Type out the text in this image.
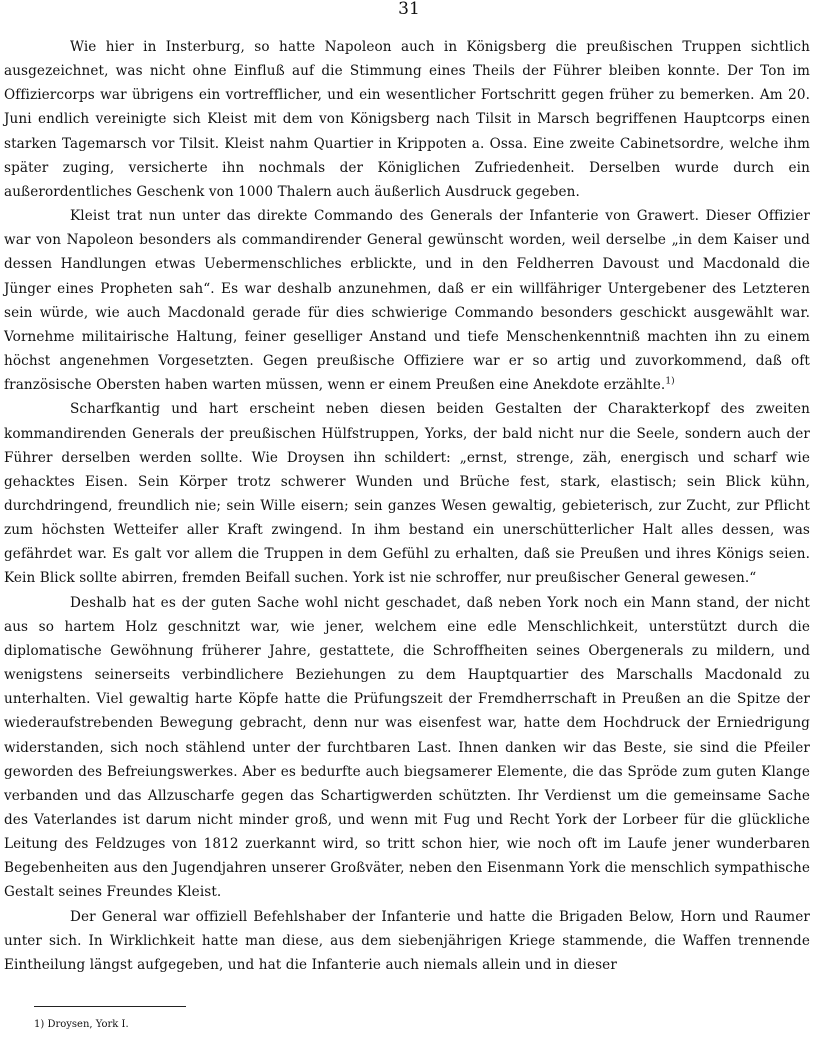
31

Wie hier in Insterburg, so hatte Napoleon auch in Königsberg die preußischen Truppen sichtlich ausgezeichnet, was nicht ohne Einfluß auf die Stimmung eines Theils der Führer bleiben konnte. Der Ton im Offiziercorps war übrigens ein vortrefflicher, und ein wesentlicher Fortschritt gegen früher zu bemerken. Am 20. Juni endlich vereinigte sich Kleist mit dem von Königsberg nach Tilsit in Marsch begriffenen Hauptcorps einen starken Tagemarsch vor Tilsit. Kleist nahm Quartier in Krippoten a. Ossa. Eine zweite Cabinetsordre, welche ihm später zuging, versicherte ihn nochmals der Königlichen Zufriedenheit. Derselben wurde durch ein außerordentliches Geschenk von 1000 Thalern auch äußerlich Ausdruck gegeben.

Kleist trat nun unter das direkte Commando des Generals der Infanterie von Grawert. Dieser Offizier war von Napoleon besonders als commandirender General gewünscht worden, weil derselbe „in dem Kaiser und dessen Handlungen etwas Uebermenschliches erblickte, und in den Feldherren Davoust und Macdonald die Jünger eines Propheten sah“. Es war deshalb anzunehmen, daß er ein willfähriger Untergebener des Letzteren sein würde, wie auch Macdonald gerade für dies schwierige Commando besonders geschickt ausgewählt war. Vornehme militairische Haltung, feiner geselliger Anstand und tiefe Menschenkenntniß machten ihn zu einem höchst angenehmen Vorgesetzten. Gegen preußische Offiziere war er so artig und zuvorkommend, daß oft französische Obersten haben warten müssen, wenn er einem Preußen eine Anekdote erzählte.$^{1)}$

Scharfkantig und hart erscheint neben diesen beiden Gestalten der Charakterkopf des zweiten kommandirenden Generals der preußischen Hülfstruppen, Yorks, der bald nicht nur die Seele, sondern auch der Führer derselben werden sollte. Wie Droysen ihn schildert: „ernst, strenge, zäh, energisch und scharf wie gehacktes Eisen. Sein Körper trotz schwerer Wunden und Brüche fest, stark, elastisch; sein Blick kühn, durchdringend, freundlich nie; sein Wille eisern; sein ganzes Wesen gewaltig, gebieterisch, zur Zucht, zur Pflicht zum höchsten Wetteifer aller Kraft zwingend. In ihm bestand ein unerschütterlicher Halt alles dessen, was gefährdet war. Es galt vor allem die Truppen in dem Gefühl zu erhalten, daß sie Preußen und ihres Königs seien. Kein Blick sollte abirren, fremden Beifall suchen. York ist nie schroffer, nur preußischer General gewesen.“

Deshalb hat es der guten Sache wohl nicht geschadet, daß neben York noch ein Mann stand, der nicht aus so hartem Holz geschnitzt war, wie jener, welchem eine edle Menschlichkeit, unterstützt durch die diplomatische Gewöhnung früherer Jahre, gestattete, die Schroffheiten seines Obergenerals zu mildern, und wenigstens seinerseits verbindlichere Beziehungen zu dem Hauptquartier des Marschalls Macdonald zu unterhalten. Viel gewaltig harte Köpfe hatte die Prüfungszeit der Fremdherrschaft in Preußen an die Spitze der wiederaufstrebenden Bewegung gebracht, denn nur was eisenfest war, hatte dem Hochdruck der Erniedrigung widerstanden, sich noch stählend unter der furchtbaren Last. Ihnen danken wir das Beste, sie sind die Pfeiler geworden des Befreiungswerkes. Aber es bedurfte auch biegsamerer Elemente, die das Spröde zum guten Klange verbanden und das Allzuscharfe gegen das Schartigwerden schützten. Ihr Verdienst um die gemeinsame Sache des Vaterlandes ist darum nicht minder groß, und wenn mit Fug und Recht York der Lorbeer für die glückliche Leitung des Feldzuges von 1812 zuerkannt wird, so tritt schon hier, wie noch oft im Laufe jener wunderbaren Begebenheiten aus den Jugendjahren unserer Großväter, neben den Eisenmann York die menschlich sympathische Gestalt seines Freundes Kleist.

Der General war offiziell Befehlshaber der Infanterie und hatte die Brigaden Below, Horn und Raumer unter sich. In Wirklichkeit hatte man diese, aus dem siebenjährigen Kriege stammende, die Waffen trennende Eintheilung längst aufgegeben, und hat die Infanterie auch niemals allein und in dieser

1) Droysen, York I.
